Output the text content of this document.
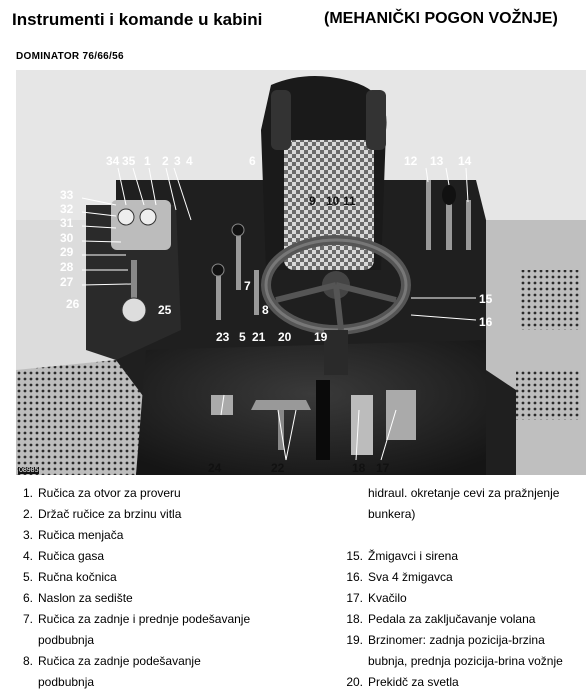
Instrumenti i komande u kabini	(MEHANIČKI POGON VOŽNJE)
DOMINATOR 76/66/56
34 35 1 2 3 4	6	12 13 14
33
32
31
30
29
28
27
26
9 10 11
15
16
25
7
8
23 5 21 20 19
24	22	18 17
08985
1. Ručica za otvor za proveru
2. Držač ručice za brzinu vitla
3. Ručica menjača
4. Ručica gasa
5. Ručna kočnica
6. Naslon za sedište
7. Ručica za zadnje i prednje podešavanje podbubnja
8. Ručica za zadnje podešavanje podbubnja
hidraul. okretanje cevi za pražnjenje bunkera)
15. Žmigavci i sirena
16. Sva 4 žmigavca
17. Kvačilo
18. Pedala za zaključavanje volana
19. Brzinomer: zadnja pozicija-brzina bubnja, prednja pozicija-brina vožnje
20. Prekidč za svetla
